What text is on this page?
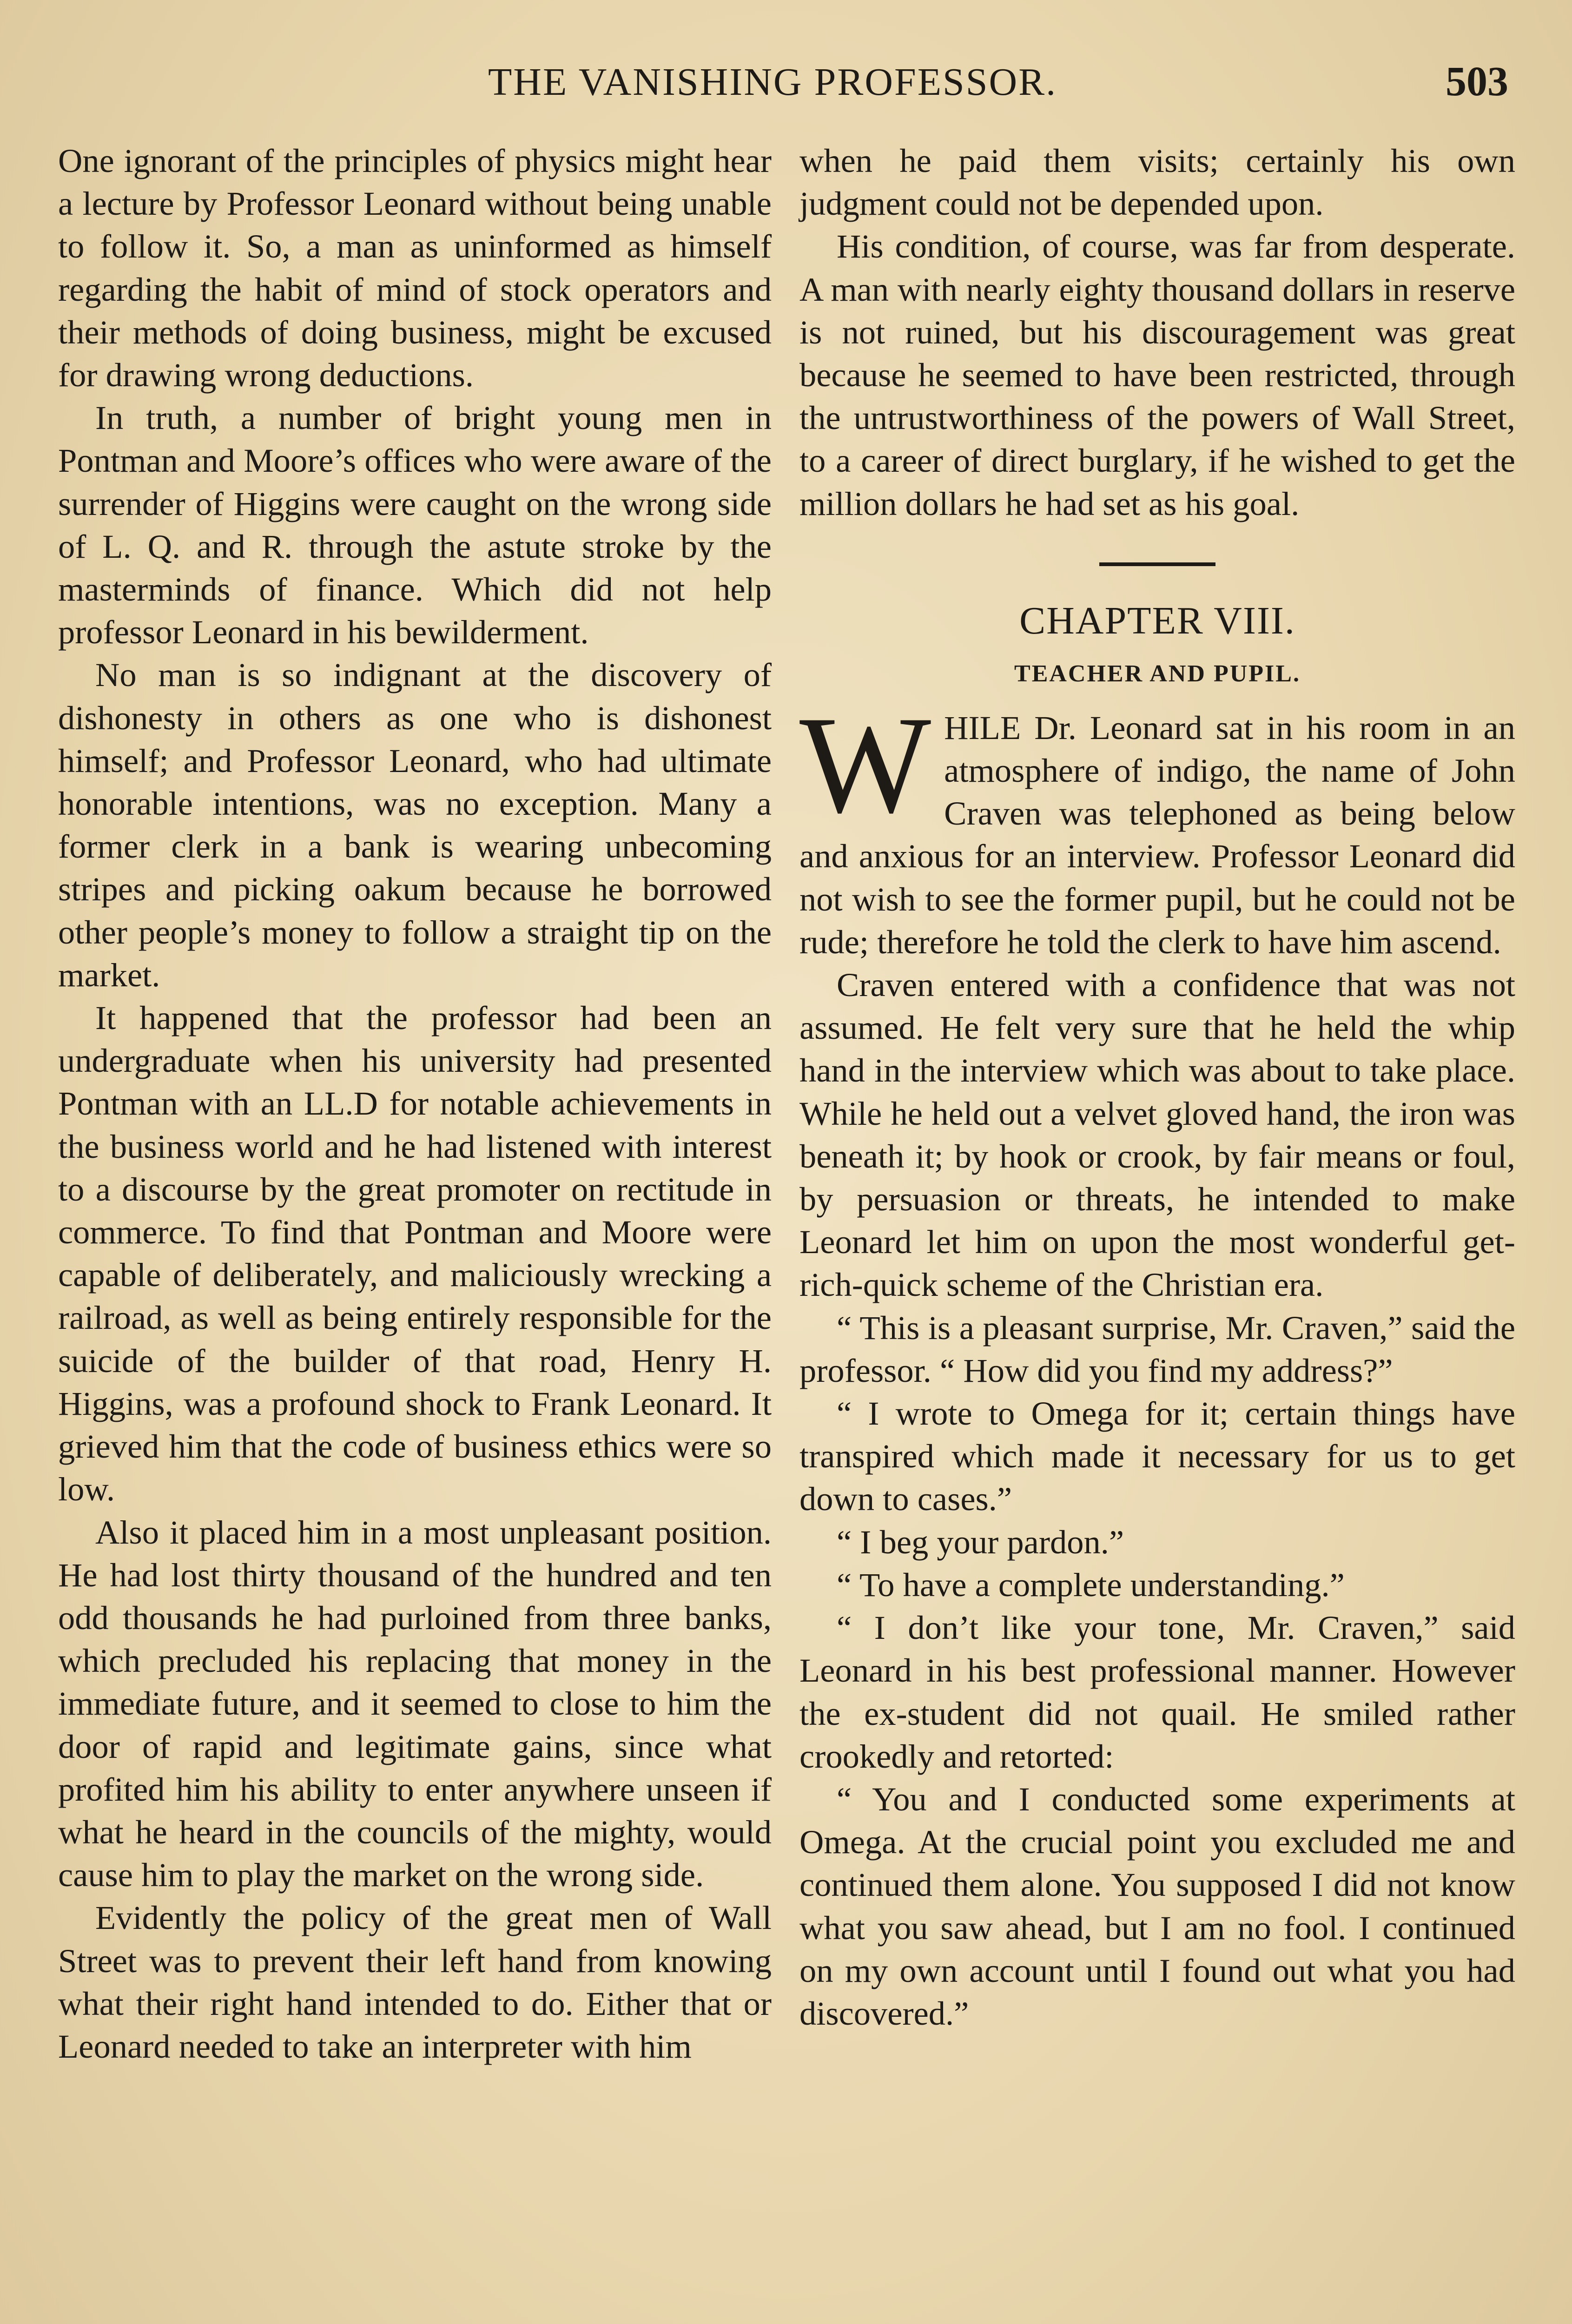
THE VANISHING PROFESSOR.	503

One ignorant of the principles of physics might hear a lecture by Professor Leonard without being unable to follow it. So, a man as uninformed as himself regarding the habit of mind of stock operators and their methods of doing business, might be excused for drawing wrong deductions.

In truth, a number of bright young men in Pontman and Moore’s offices who were aware of the surrender of Higgins were caught on the wrong side of L. Q. and R. through the astute stroke by the masterminds of finance. Which did not help professor Leonard in his bewilderment.

No man is so indignant at the discovery of dishonesty in others as one who is dishonest himself; and Professor Leonard, who had ultimate honorable intentions, was no exception. Many a former clerk in a bank is wearing unbecoming stripes and picking oakum because he borrowed other people’s money to follow a straight tip on the market.

It happened that the professor had been an undergraduate when his university had presented Pontman with an LL.D for notable achievements in the business world and he had listened with interest to a discourse by the great promoter on rectitude in commerce. To find that Pontman and Moore were capable of deliberately, and maliciously wrecking a railroad, as well as being entirely responsible for the suicide of the builder of that road, Henry H. Higgins, was a profound shock to Frank Leonard. It grieved him that the code of business ethics were so low.

Also it placed him in a most unpleasant position. He had lost thirty thousand of the hundred and ten odd thousands he had purloined from three banks, which precluded his replacing that money in the immediate future, and it seemed to close to him the door of rapid and legitimate gains, since what profited him his ability to enter anywhere unseen if what he heard in the councils of the mighty, would cause him to play the market on the wrong side.

Evidently the policy of the great men of Wall Street was to prevent their left hand from knowing what their right hand intended to do. Either that or Leonard needed to take an interpreter with him

when he paid them visits; certainly his own judgment could not be depended upon.

His condition, of course, was far from desperate. A man with nearly eighty thousand dollars in reserve is not ruined, but his discouragement was great because he seemed to have been restricted, through the untrustworthiness of the powers of Wall Street, to a career of direct burglary, if he wished to get the million dollars he had set as his goal.

CHAPTER VIII.
TEACHER AND PUPIL.

WHILE Dr. Leonard sat in his room in an atmosphere of indigo, the name of John Craven was telephoned as being below and anxious for an interview. Professor Leonard did not wish to see the former pupil, but he could not be rude; therefore he told the clerk to have him ascend.

Craven entered with a confidence that was not assumed. He felt very sure that he held the whip hand in the interview which was about to take place. While he held out a velvet gloved hand, the iron was beneath it; by hook or crook, by fair means or foul, by persuasion or threats, he intended to make Leonard let him on upon the most wonderful get-rich-quick scheme of the Christian era.

“ This is a pleasant surprise, Mr. Craven,” said the professor. “ How did you find my address?”

“ I wrote to Omega for it; certain things have transpired which made it necessary for us to get down to cases.”

“ I beg your pardon.”

“ To have a complete understanding.”

“ I don’t like your tone, Mr. Craven,” said Leonard in his best professional manner. However the ex-student did not quail. He smiled rather crookedly and retorted:

“ You and I conducted some experiments at Omega. At the crucial point you excluded me and continued them alone. You supposed I did not know what you saw ahead, but I am no fool. I continued on my own account until I found out what you had discovered.”
